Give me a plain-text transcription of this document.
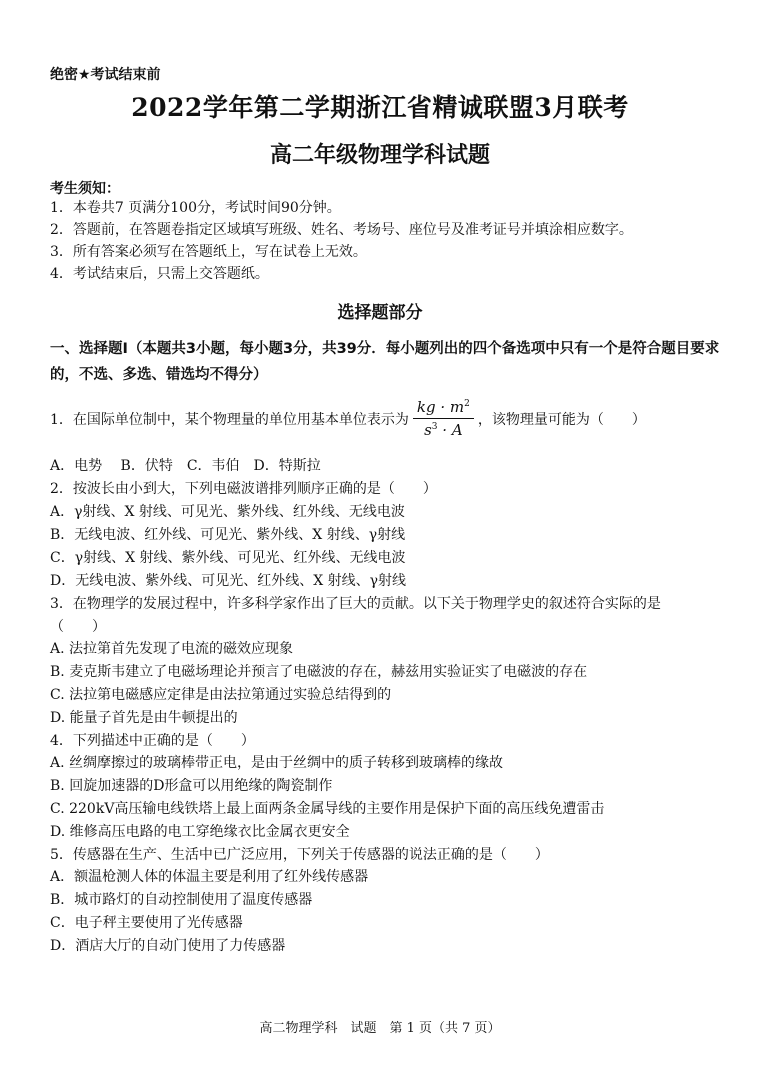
绝密★考试结束前
2022学年第二学期浙江省精诚联盟3月联考
高二年级物理学科试题
考生须知：
1．本卷共7 页满分100分，考试时间90分钟。
2．答题前，在答题卷指定区域填写班级、姓名、考场号、座位号及准考证号并填涂相应数字。
3．所有答案必须写在答题纸上，写在试卷上无效。
4．考试结束后，只需上交答题纸。
选择题部分
一、选择题Ⅰ（本题共3小题，每小题3分，共39分．每小题列出的四个备选项中只有一个是符合题目要求的，不选、多选、错选均不得分）
1．在国际单位制中，某个物理量的单位用基本单位表示为 $\frac{kg \cdot m^2}{s^3 \cdot A}$ ，该物理量可能为（　　）
A．电势　 B．伏特　C．韦伯　D．特斯拉
2．按波长由小到大，下列电磁波谱排列顺序正确的是（　　）
A．γ射线、X 射线、可见光、紫外线、红外线、无线电波
B．无线电波、红外线、可见光、紫外线、X 射线、γ射线
C．γ射线、X 射线、紫外线、可见光、红外线、无线电波
D．无线电波、紫外线、可见光、红外线、X 射线、γ射线
3．在物理学的发展过程中，许多科学家作出了巨大的贡献。以下关于物理学史的叙述符合实际的是
（　　）
A. 法拉第首先发现了电流的磁效应现象
B. 麦克斯韦建立了电磁场理论并预言了电磁波的存在，赫兹用实验证实了电磁波的存在
C. 法拉第电磁感应定律是由法拉第通过实验总结得到的
D. 能量子首先是由牛顿提出的
4．下列描述中正确的是（　　）
A. 丝绸摩擦过的玻璃棒带正电，是由于丝绸中的质子转移到玻璃棒的缘故
B. 回旋加速器的D形盒可以用绝缘的陶瓷制作
C. 220kV高压输电线铁塔上最上面两条金属导线的主要作用是保护下面的高压线免遭雷击
D. 维修高压电路的电工穿绝缘衣比金属衣更安全
5．传感器在生产、生活中已广泛应用，下列关于传感器的说法正确的是（　　）
A．额温枪测人体的体温主要是利用了红外线传感器
B．城市路灯的自动控制使用了温度传感器
C．电子秤主要使用了光传感器
D．酒店大厅的自动门使用了力传感器
高二物理学科　试题　第 1 页（共 7 页）
